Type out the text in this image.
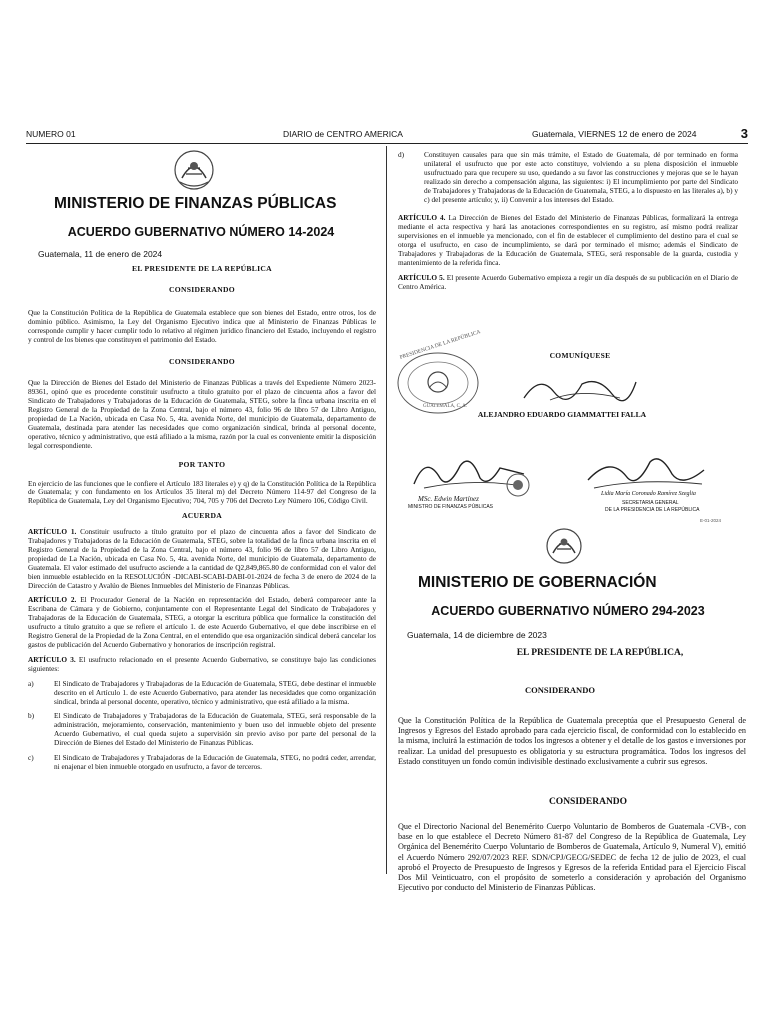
NUMERO 01	DIARIO de CENTRO AMERICA	Guatemala, VIERNES 12 de enero de 2024	3
MINISTERIO DE FINANZAS PÚBLICAS
ACUERDO GUBERNATIVO NÚMERO 14-2024
Guatemala, 11 de enero de 2024
EL PRESIDENTE DE LA REPÚBLICA
CONSIDERANDO

Que la Constitución Política de la República de Guatemala establece que son bienes del Estado, entre otros, los de dominio público. Asimismo, la Ley del Organismo Ejecutivo indica que al Ministerio de Finanzas Públicas le corresponde cumplir y hacer cumplir todo lo relativo al régimen jurídico financiero del Estado, incluyendo el registro y control de los bienes que constituyen el patrimonio del Estado.

CONSIDERANDO

Que la Dirección de Bienes del Estado del Ministerio de Finanzas Públicas a través del Expediente Número 2023-89361, opinó que es procedente constituir usufructo a título gratuito por el plazo de cincuenta años a favor del Sindicato de Trabajadores y Trabajadoras de la Educación de Guatemala, STEG, sobre la finca urbana inscrita en el Registro General de la Propiedad de la Zona Central, bajo el número 43, folio 96 de libro 57 de Libro Antiguo, propiedad de La Nación, ubicada en Casa No. 5, 4ta. avenida Norte, del municipio de Guatemala, departamento de Guatemala, destinada para atender las necesidades que como organización sindical, brinda al personal docente, operativo, técnico y administrativo, que está afiliado a la misma, razón por la cual es conveniente emitir la disposición legal correspondiente.

POR TANTO

En ejercicio de las funciones que le confiere el Artículo 183 literales e) y q) de la Constitución Política de la República de Guatemala; y con fundamento en los Artículos 35 literal m) del Decreto Número 114-97 del Congreso de la República de Guatemala, Ley del Organismo Ejecutivo; 704, 705 y 706 del Decreto Ley Número 106, Código Civil.

ACUERDA

ARTÍCULO 1. Constituir usufructo a título gratuito por el plazo de cincuenta años a favor del Sindicato de Trabajadores y Trabajadoras de la Educación de Guatemala, STEG, sobre la totalidad de la finca urbana inscrita en el Registro General de la Propiedad de la Zona Central, bajo el número 43, folio 96 de libro 57 de Libro Antiguo, propiedad de La Nación, ubicada en Casa No. 5, 4ta. avenida Norte, del municipio de Guatemala, departamento de Guatemala. El valor estimado del usufructo asciende a la cantidad de Q2,849,865.80 de conformidad con el valor del bien inmueble establecido en la RESOLUCIÓN -DICABI-SCABI-DABI-01-2024 de fecha 3 de enero de 2024 de la Dirección de Catastro y Avalúo de Bienes Inmuebles del Ministerio de Finanzas Públicas.

ARTÍCULO 2. El Procurador General de la Nación en representación del Estado, deberá comparecer ante la Escribana de Cámara y de Gobierno, conjuntamente con el Representante Legal del Sindicato de Trabajadores y Trabajadoras de la Educación de Guatemala, STEG, a otorgar la escritura pública que formalice la constitución del usufructo a título gratuito a que se refiere el artículo 1. de este Acuerdo Gubernativo, el que debe inscribirse en el Registro General de la Propiedad de la Zona Central, en el entendido que esa organización sindical deberá cancelar los gastos de publicación del Acuerdo Gubernativo y honorarios de inscripción registral.

ARTÍCULO 3. El usufructo relacionado en el presente Acuerdo Gubernativo, se constituye bajo las condiciones siguientes:

a)	El Sindicato de Trabajadores y Trabajadoras de la Educación de Guatemala, STEG, debe destinar el inmueble descrito en el Artículo 1. de este Acuerdo Gubernativo, para atender las necesidades que como organización sindical, brinda al personal docente, operativo, técnico y administrativo, que está afiliado a la misma.
b)	El Sindicato de Trabajadores y Trabajadoras de la Educación de Guatemala, STEG, será responsable de la administración, mejoramiento, conservación, mantenimiento y buen uso del inmueble objeto del presente Acuerdo Gubernativo, el cual queda sujeto a supervisión sin previo aviso por parte del personal de la Dirección de Bienes del Estado del Ministerio de Finanzas Públicas.
c)	El Sindicato de Trabajadores y Trabajadoras de la Educación de Guatemala, STEG, no podrá ceder, arrendar, ni enajenar el bien inmueble otorgado en usufructo, a favor de terceros.
d)	Constituyen causales para que sin más trámite, el Estado de Guatemala, dé por terminado en forma unilateral el usufructo que por este acto constituye, volviendo a su plena disposición el inmueble usufructuado para que recupere su uso, quedando a su favor las construcciones y mejoras que se le hayan realizado sin derecho a compensación alguna, las siguientes: i) El incumplimiento por parte del Sindicato de Trabajadores y Trabajadoras de la Educación de Guatemala, STEG, a lo dispuesto en las literales a), b) y c) del presente artículo; y, ii) Convenir a los intereses del Estado.

ARTÍCULO 4. La Dirección de Bienes del Estado del Ministerio de Finanzas Públicas, formalizará la entrega mediante el acta respectiva y hará las anotaciones correspondientes en su registro, así mismo podrá realizar supervisiones en el inmueble ya mencionado, con el fin de establecer el cumplimiento del destino para el cual se otorga el usufructo, en caso de incumplimiento, se dará por terminado el mismo; además el Sindicato de Trabajadores y Trabajadoras de la Educación de Guatemala, STEG, será responsable de la guarda, custodia y mantenimiento de la referida finca.

ARTÍCULO 5. El presente Acuerdo Gubernativo empieza a regir un día después de su publicación en el Diario de Centro América.

COMUNÍQUESE
PRESIDENCIA DE LA REPÚBLICA
GUATEMALA, C. A.
ALEJANDRO EDUARDO GIAMMATTEI FALLA
MSc. Edwin Martínez
MINISTRO DE FINANZAS PÚBLICAS
Lidia María Coronado Ramírez Szeglia
SECRETARIA GENERAL
DE LA PRESIDENCIA DE LA REPÚBLICA
E-01-2024
MINISTERIO DE GOBERNACIÓN
ACUERDO GUBERNATIVO NÚMERO 294-2023
Guatemala, 14 de diciembre de 2023
EL PRESIDENTE DE LA REPÚBLICA,
CONSIDERANDO
Que la Constitución Política de la República de Guatemala preceptúa que el Presupuesto General de Ingresos y Egresos del Estado aprobado para cada ejercicio fiscal, de conformidad con lo establecido en la misma, incluirá la estimación de todos los ingresos a obtener y el detalle de los gastos e inversiones por realizar. La unidad del presupuesto es obligatoria y su estructura programática. Todos los ingresos del Estado constituyen un fondo común indivisible destinado exclusivamente a cubrir sus egresos.
CONSIDERANDO
Que el Directorio Nacional del Benemérito Cuerpo Voluntario de Bomberos de Guatemala -CVB-, con base en lo que establece el Decreto Número 81-87 del Congreso de la República de Guatemala, Ley Orgánica del Benemérito Cuerpo Voluntario de Bomberos de Guatemala, Artículo 9, Numeral V), emitió el Acuerdo Número 292/07/2023 REF. SDN/CPJ/GECG/SEDEC de fecha 12 de julio de 2023, el cual aprobó el Proyecto de Presupuesto de Ingresos y Egresos de la referida Entidad para el Ejercicio Fiscal Dos Mil Veinticuatro, con el propósito de someterlo a consideración y aprobación del Organismo Ejecutivo por conducto del Ministerio de Finanzas Públicas.
